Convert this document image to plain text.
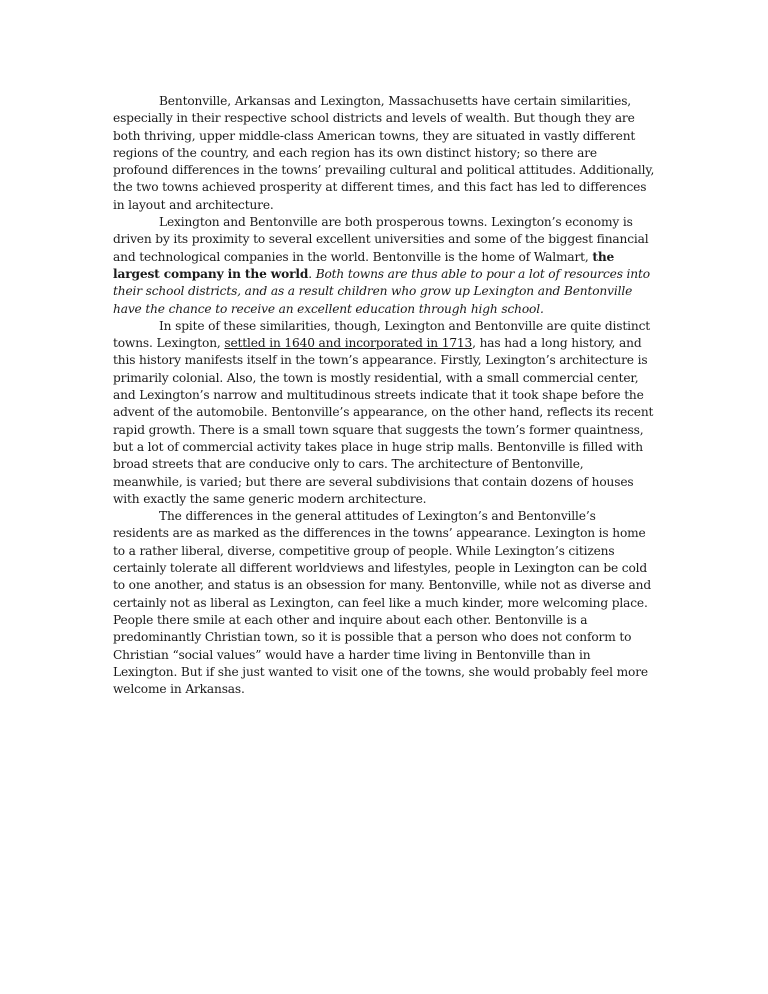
Bentonville, Arkansas and Lexington, Massachusetts have certain similarities, especially in their respective school districts and levels of wealth. But though they are both thriving, upper middle-class American towns, they are situated in vastly different regions of the country, and each region has its own distinct history; so there are profound differences in the towns’ prevailing cultural and political attitudes. Additionally, the two towns achieved prosperity at different times, and this fact has led to differences in layout and architecture.

Lexington and Bentonville are both prosperous towns. Lexington’s economy is driven by its proximity to several excellent universities and some of the biggest financial and technological companies in the world. Bentonville is the home of Walmart, the largest company in the world. Both towns are thus able to pour a lot of resources into their school districts, and as a result children who grow up Lexington and Bentonville have the chance to receive an excellent education through high school.

In spite of these similarities, though, Lexington and Bentonville are quite distinct towns. Lexington, settled in 1640 and incorporated in 1713, has had a long history, and this history manifests itself in the town’s appearance. Firstly, Lexington’s architecture is primarily colonial. Also, the town is mostly residential, with a small commercial center, and Lexington’s narrow and multitudinous streets indicate that it took shape before the advent of the automobile. Bentonville’s appearance, on the other hand, reflects its recent rapid growth. There is a small town square that suggests the town’s former quaintness, but a lot of commercial activity takes place in huge strip malls. Bentonville is filled with broad streets that are conducive only to cars. The architecture of Bentonville, meanwhile, is varied; but there are several subdivisions that contain dozens of houses with exactly the same generic modern architecture.

The differences in the general attitudes of Lexington’s and Bentonville’s residents are as marked as the differences in the towns’ appearance. Lexington is home to a rather liberal, diverse, competitive group of people. While Lexington’s citizens certainly tolerate all different worldviews and lifestyles, people in Lexington can be cold to one another, and status is an obsession for many. Bentonville, while not as diverse and certainly not as liberal as Lexington, can feel like a much kinder, more welcoming place. People there smile at each other and inquire about each other. Bentonville is a predominantly Christian town, so it is possible that a person who does not conform to Christian “social values” would have a harder time living in Bentonville than in Lexington. But if she just wanted to visit one of the towns, she would probably feel more welcome in Arkansas.
